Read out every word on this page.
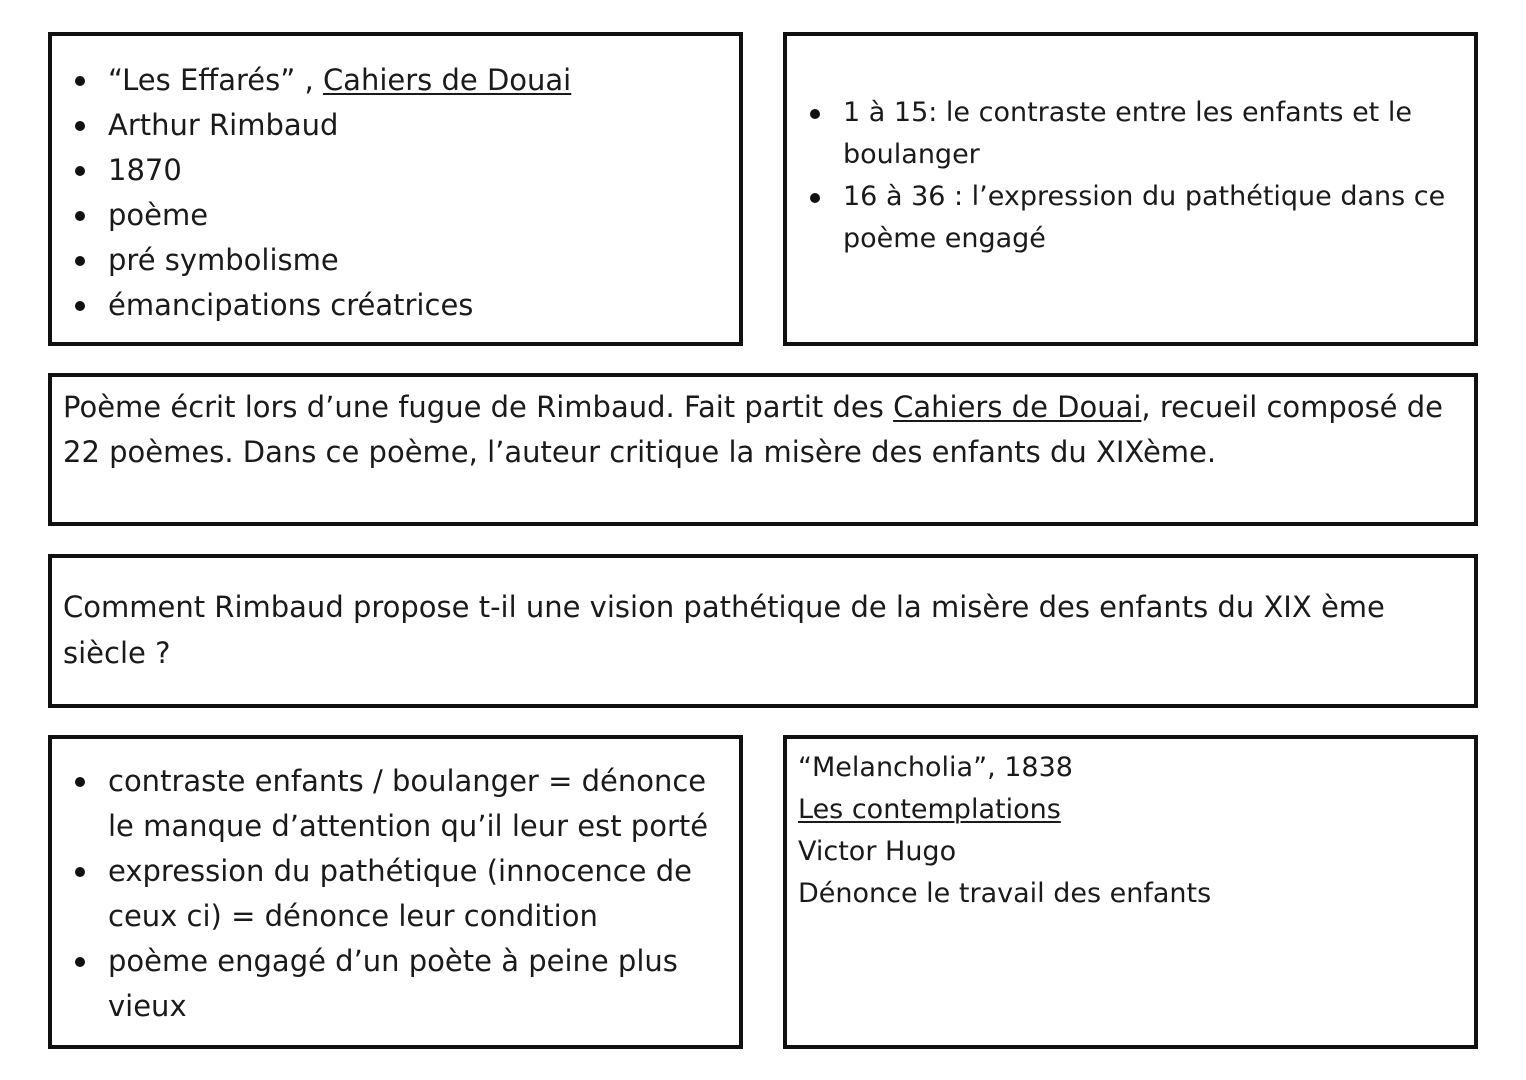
“Les Effarés” , Cahiers de Douai
Arthur Rimbaud
1870
poème
pré symbolisme
émancipations créatrices
1 à 15: le contraste entre les enfants et le boulanger
16 à 36 : l’expression du pathétique dans ce poème engagé
Poème écrit lors d’une fugue de Rimbaud. Fait partit des Cahiers de Douai, recueil composé de 22 poèmes. Dans ce poème, l’auteur critique la misère des enfants du XIXème.
Comment Rimbaud propose t-il une vision pathétique de la misère des enfants du XIX ème siècle ?
contraste enfants / boulanger = dénonce le manque d’attention qu’il leur est porté
expression du pathétique (innocence de ceux ci) = dénonce leur condition
poème engagé d’un poète à peine plus vieux
“Melancholia”, 1838
Les contemplations
Victor Hugo
Dénonce le travail des enfants
